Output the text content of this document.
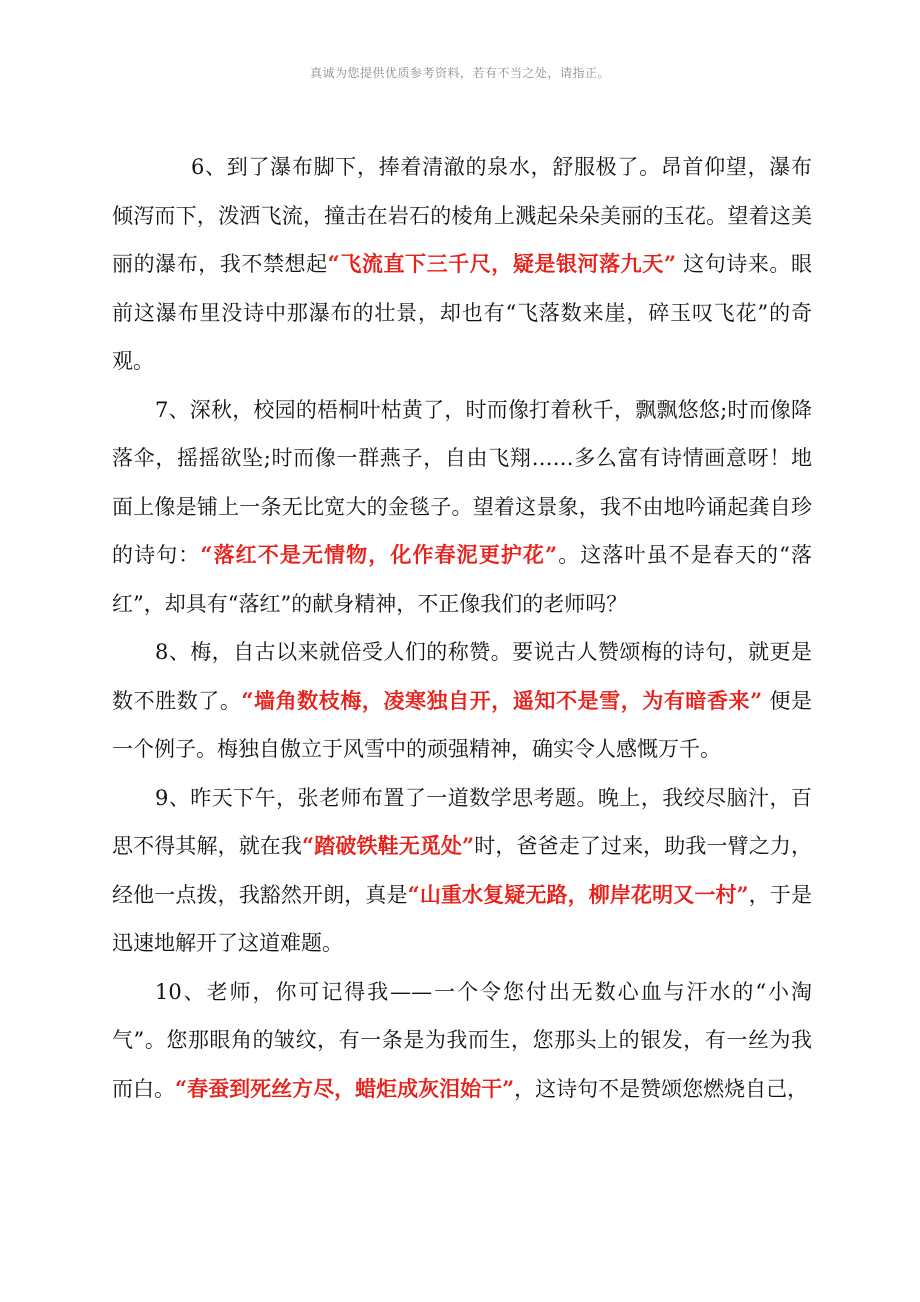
真诚为您提供优质参考资料，若有不当之处，请指正。

6、到了瀑布脚下，捧着清澈的泉水，舒服极了。昂首仰望，瀑布倾泻而下，泼洒飞流，撞击在岩石的棱角上溅起朵朵美丽的玉花。望着这美丽的瀑布，我不禁想起“飞流直下三千尺，疑是银河落九天” 这句诗来。眼前这瀑布里没诗中那瀑布的壮景，却也有“飞落数来崖，碎玉叹飞花”的奇观。

7、深秋，校园的梧桐叶枯黄了，时而像打着秋千，飘飘悠悠;时而像降落伞，摇摇欲坠;时而像一群燕子，自由飞翔……多么富有诗情画意呀！地面上像是铺上一条无比宽大的金毯子。望着这景象，我不由地吟诵起龚自珍的诗句：“落红不是无情物，化作春泥更护花”。这落叶虽不是春天的“落红”，却具有“落红”的献身精神，不正像我们的老师吗？

8、梅，自古以来就倍受人们的称赞。要说古人赞颂梅的诗句，就更是数不胜数了。“墙角数枝梅，凌寒独自开，遥知不是雪，为有暗香来” 便是一个例子。梅独自傲立于风雪中的顽强精神，确实令人感慨万千。

9、昨天下午，张老师布置了一道数学思考题。晚上，我绞尽脑汁，百思不得其解，就在我“踏破铁鞋无觅处”时，爸爸走了过来，助我一臂之力，经他一点拨，我豁然开朗，真是“山重水复疑无路，柳岸花明又一村”，于是迅速地解开了这道难题。

10、老师，你可记得我——一个令您付出无数心血与汗水的“小淘气”。您那眼角的皱纹，有一条是为我而生，您那头上的银发，有一丝为我而白。“春蚕到死丝方尽，蜡炬成灰泪始干”，这诗句不是赞颂您燃烧自己，
